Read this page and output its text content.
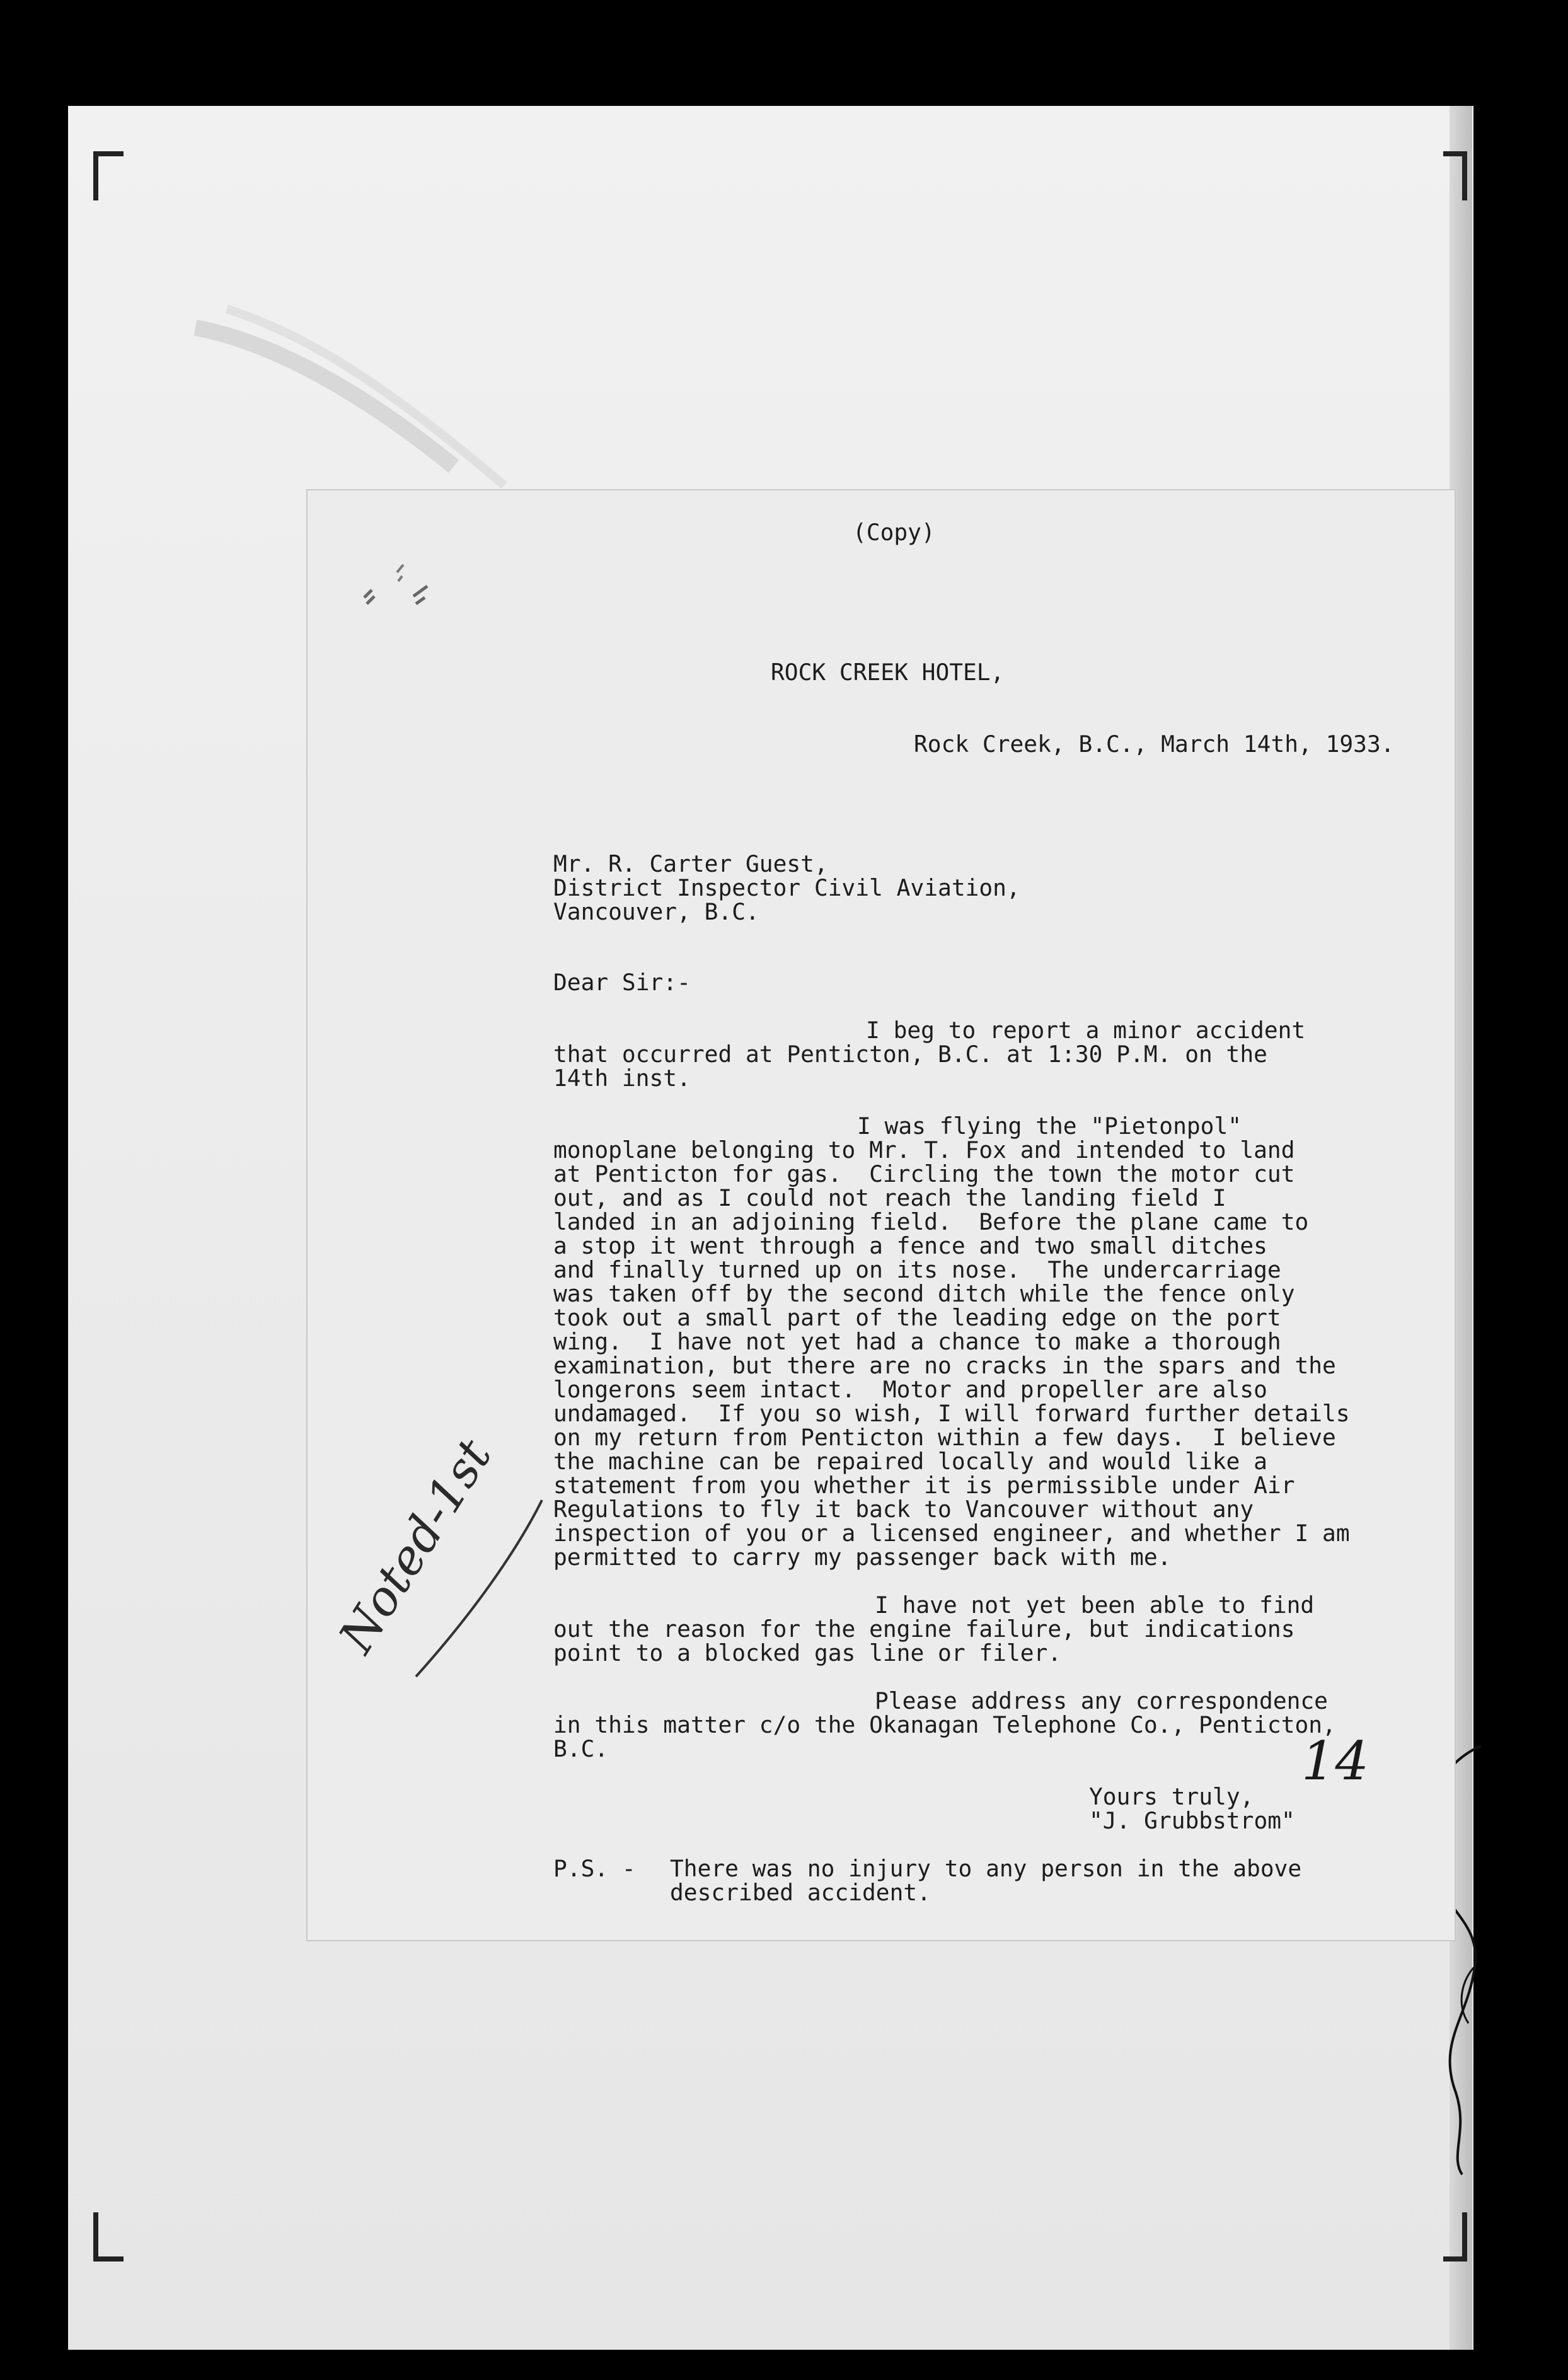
(Copy)
ROCK CREEK HOTEL,
Rock Creek, B.C., March 14th, 1933.
Mr. R. Carter Guest,
District Inspector Civil Aviation,
Vancouver, B.C.
Dear Sir:-
I beg to report a minor accident
that occurred at Penticton, B.C. at 1:30 P.M. on the
14th inst.
I was flying the "Pietonpol"
monoplane belonging to Mr. T. Fox and intended to land
at Penticton for gas.  Circling the town the motor cut
out, and as I could not reach the landing field I
landed in an adjoining field.  Before the plane came to
a stop it went through a fence and two small ditches
and finally turned up on its nose.  The undercarriage
was taken off by the second ditch while the fence only
took out a small part of the leading edge on the port
wing.  I have not yet had a chance to make a thorough
examination, but there are no cracks in the spars and the
longerons seem intact.  Motor and propeller are also
undamaged.  If you so wish, I will forward further details
on my return from Penticton within a few days.  I believe
the machine can be repaired locally and would like a
statement from you whether it is permissible under Air
Regulations to fly it back to Vancouver without any
inspection of you or a licensed engineer, and whether I am
permitted to carry my passenger back with me.
I have not yet been able to find
out the reason for the engine failure, but indications
point to a blocked gas line or filer.
Please address any correspondence
in this matter c/o the Okanagan Telephone Co., Penticton,
B.C.
Yours truly,
"J. Grubbstrom"
P.S. - There was no injury to any person in the above
described accident.
Noted-1st
14
